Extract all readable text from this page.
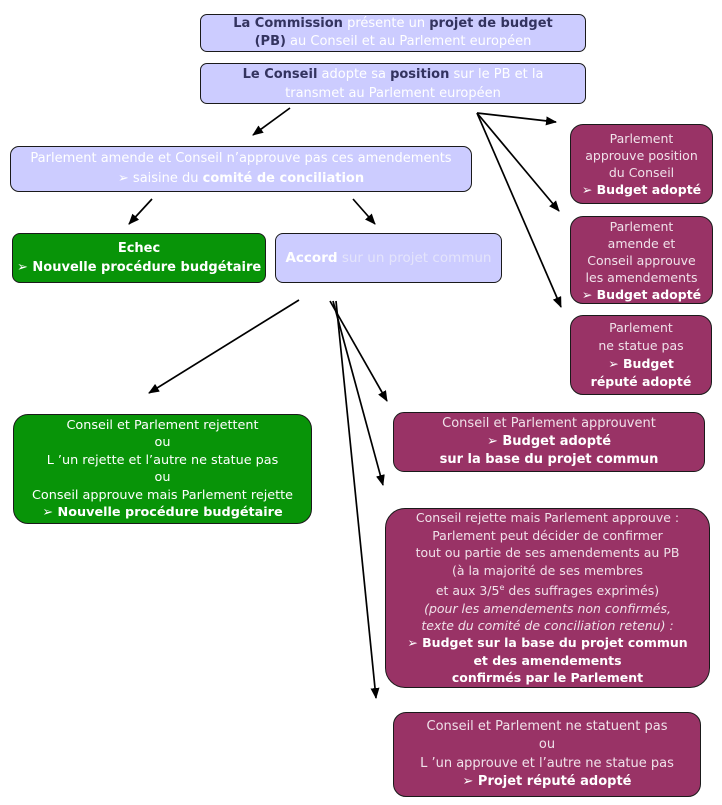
La Commission présente un projet de budget
(PB) au Conseil et au Parlement européen
Le Conseil adopte sa position sur le PB et la
transmet au Parlement européen
Parlement amende et Conseil n’approuve pas ces amendements
➢ saisine du comité de conciliation
Echec
➢ Nouvelle procédure budgétaire
Accord sur un projet commun
Parlement
approuve position
du Conseil
➢ Budget adopté
Parlement
amende et
Conseil approuve
les amendements
➢ Budget adopté
Parlement
ne statue pas
➢ Budget
réputé adopté
Conseil et Parlement rejettent
ou
L ’un rejette et l’autre ne statue pas
ou
Conseil approuve mais Parlement rejette
➢ Nouvelle procédure budgétaire
Conseil et Parlement approuvent
➢ Budget adopté
sur la base du projet commun
Conseil rejette mais Parlement approuve :
Parlement peut décider de confirmer
tout ou partie de ses amendements au PB
(à la majorité de ses membres
et aux 3/5e des suffrages exprimés)
(pour les amendements non confirmés,
texte du comité de conciliation retenu) :
➢ Budget sur la base du projet commun
et des amendements
confirmés par le Parlement
Conseil et Parlement ne statuent pas
ou
L ’un approuve et l’autre ne statue pas
➢ Projet réputé adopté
